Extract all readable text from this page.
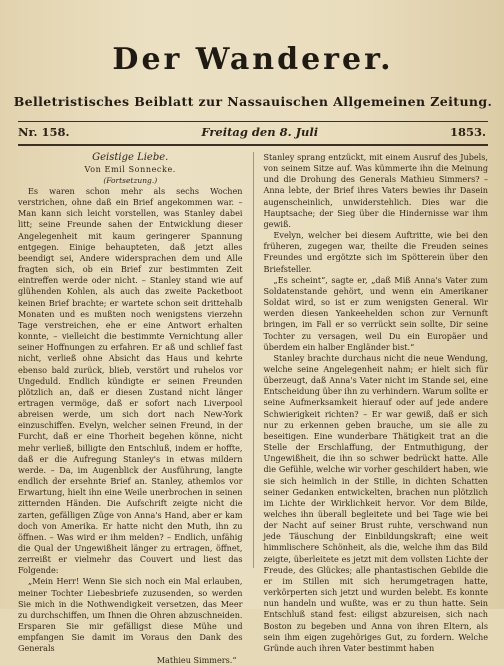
Der Wanderer.
Belletristisches Beiblatt zur Nassauischen Allgemeinen Zeitung.
Nr. 158.	Freitag den 8. Juli	1853.
Geistige Liebe.
Von Emil Sonnecke.
(Fortsetzung.)

Es waren schon mehr als sechs Wochen verstrichen, ohne daß ein Brief angekommen war. – Man kann sich leicht vorstellen, was Stanley dabei litt; seine Freunde sahen der Entwicklung dieser Angelegenheit mit kaum geringerer Spannung entgegen. Einige behaupteten, daß jetzt alles beendigt sei, Andere widersprachen dem und Alle fragten sich, ob ein Brief zur bestimmten Zeit eintreffen werde oder nicht. – Stanley stand wie auf glühenden Kohlen, als auch das zweite Packetboot keinen Brief brachte; er wartete schon seit drittehalb Monaten und es mußten noch wenigstens vierzehn Tage verstreichen, ehe er eine Antwort erhalten konnte, – vielleicht die bestimmte Vernichtung aller seiner Hoffnungen zu erfahren. Er aß und schlief fast nicht, verließ ohne Absicht das Haus und kehrte ebenso bald zurück, blieb, verstört und ruhelos vor Ungeduld. Endlich kündigte er seinen Freunden plötzlich an, daß er diesen Zustand nicht länger ertragen vermöge, daß er sofort nach Liverpool abreisen werde, um sich dort nach New-York einzuschiffen. Evelyn, welcher seinen Freund, in der Furcht, daß er eine Thorheit begehen könne, nicht mehr verließ, billigte den Entschluß, indem er hoffte, daß er die Aufregung Stanley's in etwas mildern werde. – Da, im Augenblick der Ausführung, langte endlich der ersehnte Brief an. Stanley, athemlos vor Erwartung, hielt ihn eine Weile unerbrochen in seinen zitternden Händen. Die Aufschrift zeigte nicht die zarten, gefälligen Züge von Anna's Hand, aber er kam doch von Amerika. Er hatte nicht den Muth, ihn zu öffnen. – Was wird er ihm melden? – Endlich, unfähig die Qual der Ungewißheit länger zu ertragen, öffnet, zerreißt er vielmehr das Couvert und liest das Folgende:

„Mein Herr! Wenn Sie sich noch ein Mal erlauben, meiner Tochter Liebesbriefe zuzusenden, so werden Sie mich in die Nothwendigkeit versetzen, das Meer zu durchschiffen, um Ihnen die Ohren abzuschneiden. Ersparen Sie mir gefälligst diese Mühe und empfangen Sie damit im Voraus den Dank des Generals

Mathieu Simmers.“

Stanley sprang entzückt, mit einem Ausruf des Jubels, von seinem Sitze auf. Was kümmerte ihn die Meinung und die Drohung des Generals Mathieu Simmers? – Anna lebte, der Brief ihres Vaters bewies ihr Dasein augenscheinlich, unwiderstehlich. Dies war die Hauptsache; der Sieg über die Hindernisse war ihm gewiß.

Evelyn, welcher bei diesem Auftritte, wie bei den früheren, zugegen war, theilte die Freuden seines Freundes und ergötzte sich im Spötterein über den Briefsteller.

„Es scheint“, sagte er, „daß Miß Anna's Vater zum Soldatenstande gehört, und wenn ein Amerikaner Soldat wird, so ist er zum wenigsten General. Wir werden diesen Yankeehelden schon zur Vernunft bringen, im Fall er so verrückt sein sollte, Dir seine Tochter zu versagen, weil Du ein Europäer und überdem ein halber Engländer bist.“

Stanley brachte durchaus nicht die neue Wendung, welche seine Angelegenheit nahm; er hielt sich für überzeugt, daß Anna's Vater nicht im Stande sei, eine Entscheidung über ihn zu verhindern. Warum sollte er seine Aufmerksamkeit hierauf oder auf jede andere Schwierigkeit richten? – Er war gewiß, daß er sich nur zu erkennen geben brauche, um sie alle zu beseitigen. Eine wunderbare Thätigkeit trat an die Stelle der Erschlaffung, der Entmuthigung, der Ungewißheit, die ihn so schwer bedrückt hatte. Alle die Gefühle, welche wir vorher geschildert haben, wie sie sich heimlich in der Stille, in dichten Schatten seiner Gedanken entwickelten, brachen nun plötzlich im Lichte der Wirklichkeit hervor. Vor dem Bilde, welches ihn überall begleitete und bei Tage wie bei der Nacht auf seiner Brust ruhte, verschwand nun jede Täuschung der Einbildungskraft; eine weit himmlischere Schönheit, als die, welche ihm das Bild zeigte, überleitete es jetzt mit dem vollsten Lichte der Freude, des Glückes; alle phantastischen Gebilde die er im Stillen mit sich herumgetragen hatte, verkörperten sich jetzt und wurden belebt. Es konnte nun handeln und wußte, was er zu thun hatte. Sein Entschluß stand fest: eiligst abzureisen, sich nach Boston zu begeben und Anna von ihren Eltern, als sein ihm eigen zugehöriges Gut, zu fordern. Welche Gründe auch ihren Vater bestimmt haben
